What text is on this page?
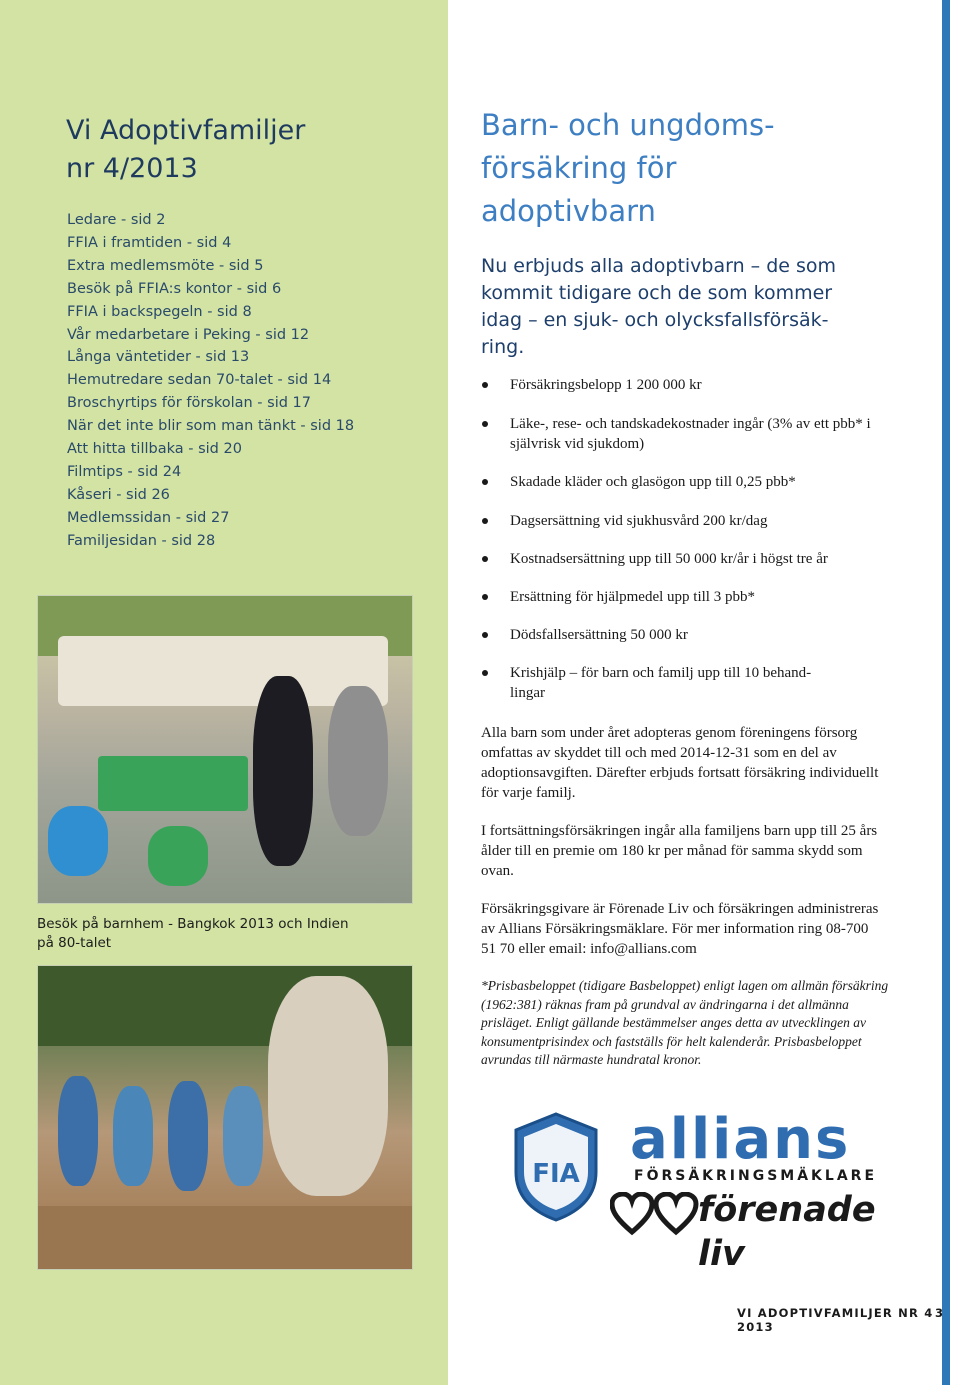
Vi Adoptivfamiljer
nr 4/2013
Ledare - sid 2
FFIA i framtiden - sid 4
Extra medlemsmöte - sid 5
Besök på FFIA:s kontor - sid 6
FFIA i backspegeln - sid 8
Vår medarbetare i Peking - sid 12
Långa väntetider - sid 13
Hemutredare sedan 70-talet - sid 14
Broschyrtips för förskolan - sid 17
När det inte blir som man tänkt - sid 18
Att hitta tillbaka - sid 20
Filmtips - sid 24
Kåseri - sid 26
Medlemssidan - sid 27
Familjesidan - sid 28

Besök på barnhem - Bangkok 2013 och Indien på 80-talet

Barn- och ungdoms-
försäkring för
adoptivbarn

Nu erbjuds alla adoptivbarn – de som
kommit tidigare och de som kommer
idag – en sjuk- och olycksfallsförsäk-
ring.

Försäkringsbelopp 1 200 000 kr
Läke-, rese- och tandskadekostnader ingår (3% av ett pbb* i självrisk vid sjukdom)
Skadade kläder och glasögon upp till 0,25 pbb*
Dagsersättning vid sjukhusvård 200 kr/dag
Kostnadsersättning upp till 50 000 kr/år i högst tre år
Ersättning för hjälpmedel upp till 3 pbb*
Dödsfallsersättning 50 000 kr
Krishjälp – för barn och familj upp till 10 behand-lingar

Alla barn som under året adopteras genom föreningens försorg omfattas av skyddet till och med 2014-12-31 som en del av adoptionsavgiften. Därefter erbjuds fortsatt försäkring individuellt för varje familj.

I fortsättningsförsäkringen ingår alla familjens barn upp till 25 års ålder till en premie om 180 kr per månad för samma skydd som ovan.

Försäkringsgivare är Förenade Liv och försäkringen administreras av Allians Försäkringsmäklare. För mer information ring 08-700 51 70 eller email: info@allians.com

*Prisbasbeloppet (tidigare Basbeloppet) enligt lagen om allmän försäkring (1962:381) räknas fram på grundval av ändringarna i det allmänna prisläget. Enligt gällande bestämmelser anges detta av utvecklingen av konsumentprisindex och fastställs för helt kalenderår. Prisbasbeloppet avrundas till närmaste hundratal kronor.

FIA

allians

FÖRSÄKRINGSMÄKLARE

förenade liv

VI ADOPTIVFAMILJER NR 4 2013

3
